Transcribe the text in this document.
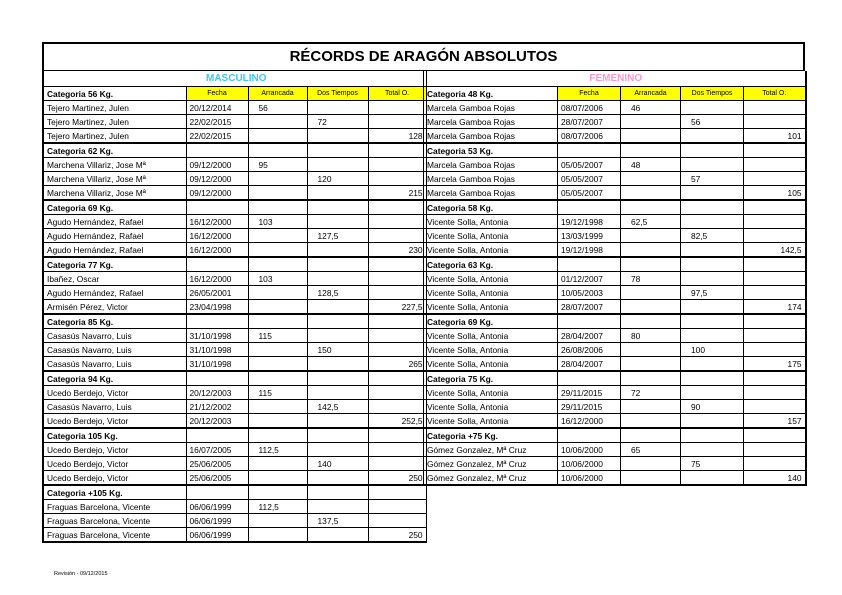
RÉCORDS DE ARAGÓN ABSOLUTOS
MASCULINO				
Categoria 56 Kg.	Fecha	Arrancada	Dos Tiempos	Total O.
Tejero Martinez, Julen	20/12/2014	56		
Tejero Martinez, Julen	22/02/2015		72	
Tejero Martinez, Julen	22/02/2015			128
Categoria 62 Kg.				
Marchena Villariz, Jose Mª	09/12/2000	95		
Marchena Villariz, Jose Mª	09/12/2000		120	
Marchena Villariz, Jose Mª	09/12/2000			215
Categoria 69 Kg.				
Agudo Hernández, Rafael	16/12/2000	103		
Agudo Hernández, Rafael	16/12/2000		127,5	
Agudo Hernández, Rafael	16/12/2000			230
Categoria 77 Kg.				
Ibañez, Oscar	16/12/2000	103		
Agudo Hernández, Rafael	26/05/2001		128,5	
Armisén Pérez, Victor	23/04/1998			227,5
Categoria 85 Kg.				
Casasús Navarro, Luis	31/10/1998	115		
Casasús Navarro, Luis	31/10/1998		150	
Casasús Navarro, Luis	31/10/1998			265
Categoria 94 Kg.				
Ucedo Berdejo, Victor	20/12/2003	115		
Casasús Navarro, Luis	21/12/2002		142,5	
Ucedo Berdejo, Victor	20/12/2003			252,5
Categoria 105 Kg.				
Ucedo Berdejo, Victor	16/07/2005	112,5		
Ucedo Berdejo, Victor	25/06/2005		140	
Ucedo Berdejo, Victor	25/06/2005			250
Categoria +105 Kg.				
Fraguas Barcelona, Vicente	06/06/1999	112,5		
Fraguas Barcelona, Vicente	06/06/1999		137,5	
Fraguas Barcelona, Vicente	06/06/1999			250
FEMENINO				
Categoria 48 Kg.	Fecha	Arrancada	Dos Tiempos	Total O.
Marcela Gamboa Rojas	08/07/2006	46		
Marcela Gamboa Rojas	28/07/2007		56	
Marcela Gamboa Rojas	08/07/2006			101
Categoria 53 Kg.				
Marcela Gamboa Rojas	05/05/2007	48		
Marcela Gamboa Rojas	05/05/2007		57	
Marcela Gamboa Rojas	05/05/2007			105
Categoria 58 Kg.				
Vicente Solla, Antonia	19/12/1998	62,5		
Vicente Solla, Antonia	13/03/1999		82,5	
Vicente Solla, Antonia	19/12/1998			142,5
Categoria 63 Kg.				
Vicente Solla, Antonia	01/12/2007	78		
Vicente Solla, Antonia	10/05/2003		97,5	
Vicente Solla, Antonia	28/07/2007			174
Categoria 69 Kg.				
Vicente Solla, Antonia	28/04/2007	80		
Vicente Solla, Antonia	26/08/2006		100	
Vicente Solla, Antonia	28/04/2007			175
Categoria 75 Kg.				
Vicente Solla, Antonia	29/11/2015	72		
Vicente Solla, Antonia	29/11/2015		90	
Vicente Solla, Antonia	16/12/2000			157
Categoria +75 Kg.				
Gómez Gonzalez, Mª Cruz	10/06/2000	65		
Gómez Gonzalez, Mª Cruz	10/06/2000		75	
Gómez Gonzalez, Mª Cruz	10/06/2000			140
Revisión - 09/12/2015
